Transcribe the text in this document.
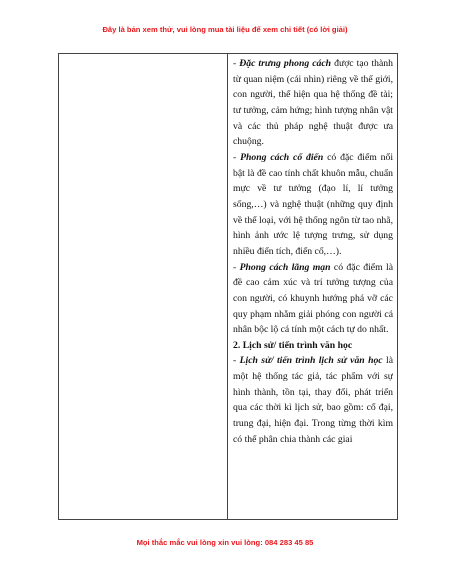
Đây là bản xem thử, vui lòng mua tài liệu để xem chi tiết (có lời giải)

- Đặc trưng phong cách được tạo thành từ quan niệm (cái nhìn) riêng về thế giới, con người, thể hiện qua hệ thống đề tài; tư tưởng, cảm hứng; hình tượng nhân vật và các thủ pháp nghệ thuật được ưa chuộng.

- Phong cách cổ điển có đặc điểm nổi bật là đề cao tính chất khuôn mẫu, chuẩn mực về tư tưởng (đạo lí, lí tưởng sống,…) và nghệ thuật (những quy định về thể loại, với hệ thống ngôn từ tao nhã, hình ảnh ước lệ tượng trưng, sử dụng nhiều điển tích, điển cố,…).

- Phong cách lãng mạn có đặc điểm là đề cao cảm xúc và trí tưởng tượng của con người, có khuynh hướng phá vỡ các quy phạm nhằm giải phóng con người cá nhân bộc lộ cá tính một cách tự do nhất.

2. Lịch sử/ tiến trình văn học

- Lịch sử/ tiến trình lịch sử văn học là một hệ thống tác giả, tác phẩm với sự hình thành, tồn tại, thay đổi, phát triển qua các thời kì lịch sử, bao gồm: cổ đại, trung đại, hiện đại. Trong từng thời kìm có thể phân chia thành các giai

Mọi thắc mắc vui lòng xin vui lòng: 084 283 45 85
